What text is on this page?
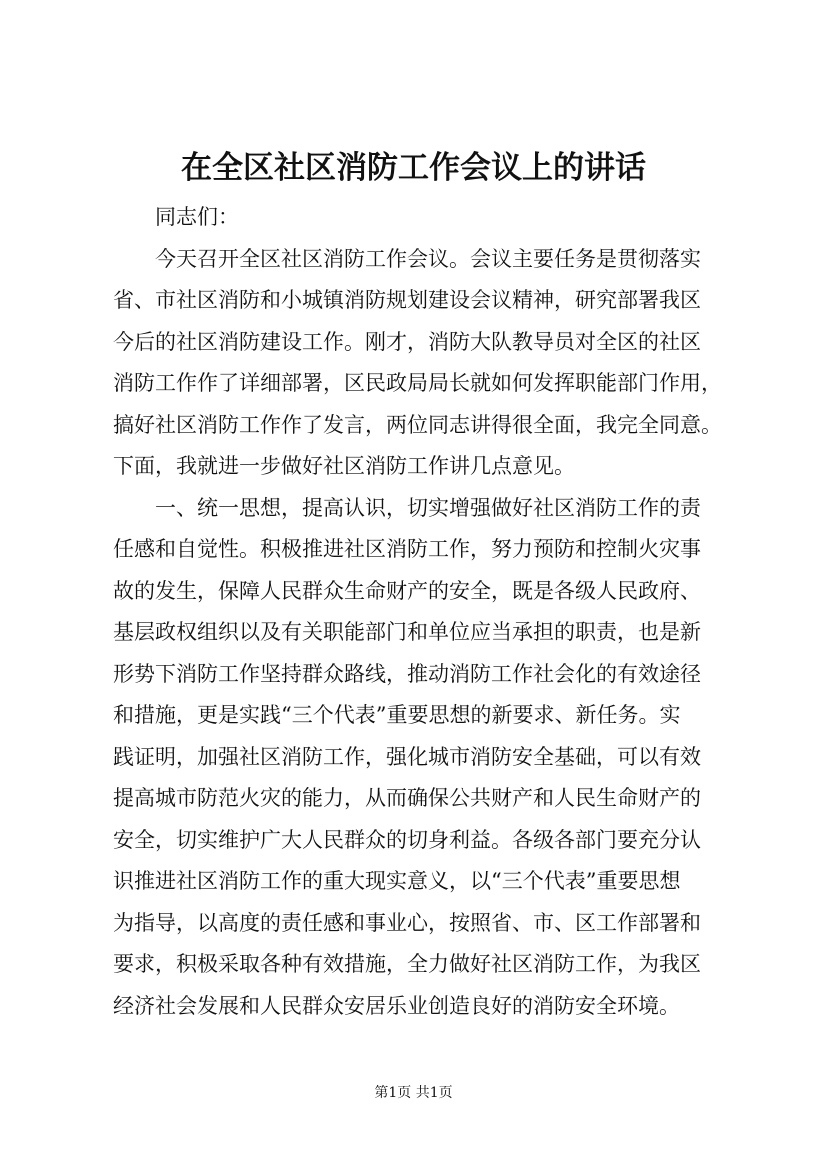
在全区社区消防工作会议上的讲话
同志们：
今天召开全区社区消防工作会议。会议主要任务是贯彻落实
省、市社区消防和小城镇消防规划建设会议精神，研究部署我区
今后的社区消防建设工作。刚才，消防大队教导员对全区的社区
消防工作作了详细部署，区民政局局长就如何发挥职能部门作用，
搞好社区消防工作作了发言，两位同志讲得很全面，我完全同意。
下面，我就进一步做好社区消防工作讲几点意见。
一、统一思想，提高认识，切实增强做好社区消防工作的责
任感和自觉性。积极推进社区消防工作，努力预防和控制火灾事
故的发生，保障人民群众生命财产的安全，既是各级人民政府、
基层政权组织以及有关职能部门和单位应当承担的职责，也是新
形势下消防工作坚持群众路线，推动消防工作社会化的有效途径
和措施，更是实践“三个代表”重要思想的新要求、新任务。实
践证明，加强社区消防工作，强化城市消防安全基础，可以有效
提高城市防范火灾的能力，从而确保公共财产和人民生命财产的
安全，切实维护广大人民群众的切身利益。各级各部门要充分认
识推进社区消防工作的重大现实意义，以“三个代表”重要思想
为指导，以高度的责任感和事业心，按照省、市、区工作部署和
要求，积极采取各种有效措施，全力做好社区消防工作，为我区
经济社会发展和人民群众安居乐业创造良好的消防安全环境。
第1页 共1页
